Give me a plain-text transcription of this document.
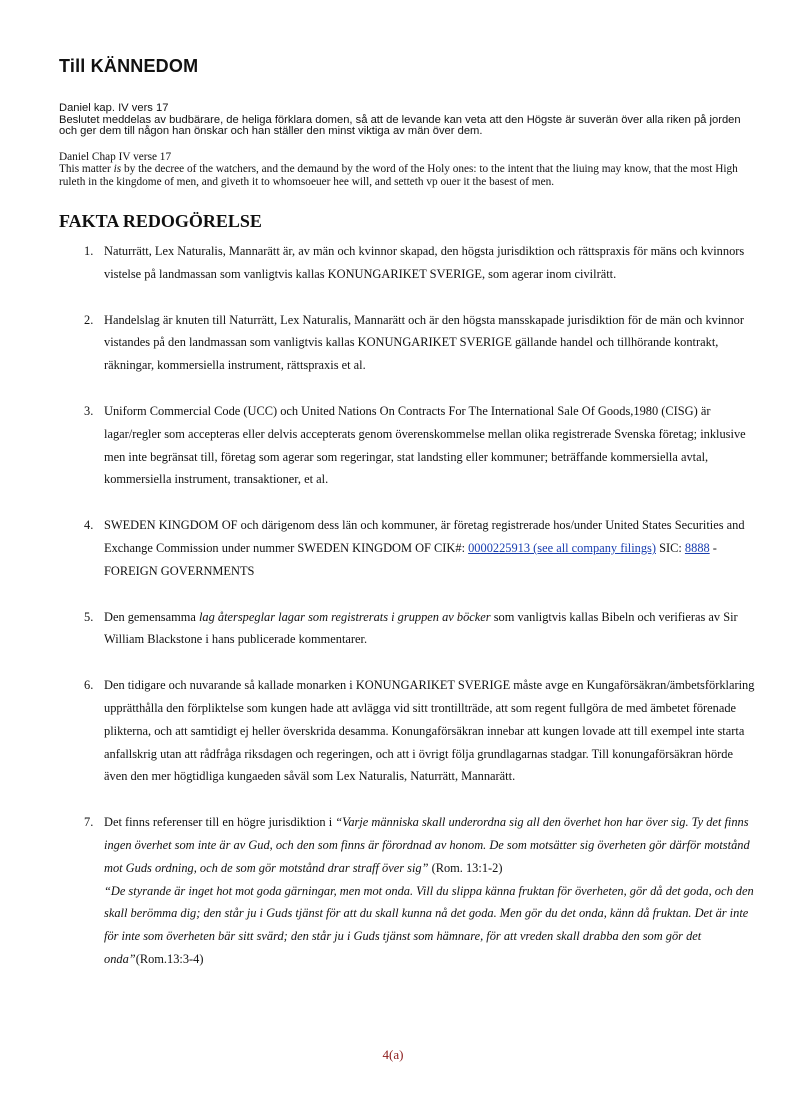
Till KÄNNEDOM

Daniel kap. IV vers 17

Beslutet meddelas av budbärare, de heliga förklara domen, så att de levande kan veta att den Högste är suverän över alla riken på jorden och ger dem till någon han önskar och han ställer den minst viktiga av män över dem.

Daniel Chap IV verse 17

This matter is by the decree of the watchers, and the demaund by the word of the Holy ones: to the intent that the liuing may know, that the most High ruleth in the kingdome of men, and giveth it to whomsoeuer hee will, and setteth vp ouer it the basest of men.

FAKTA REDOGÖRELSE
1. Naturrätt, Lex Naturalis, Mannarätt är, av män och kvinnor skapad, den högsta jurisdiktion och rättspraxis för mäns och kvinnors vistelse på landmassan som vanligtvis kallas KONUNGARIKET SVERIGE, som agerar inom civilrätt.
2. Handelslag är knuten till Naturrätt, Lex Naturalis, Mannarätt och är den högsta mansskapade jurisdiktion för de män och kvinnor vistandes på den landmassan som vanligtvis kallas KONUNGARIKET SVERIGE gällande handel och tillhörande kontrakt, räkningar, kommersiella instrument, rättspraxis et al.
3. Uniform Commercial Code (UCC) och United Nations On Contracts For The International Sale Of Goods,1980 (CISG) är lagar/regler som accepteras eller delvis accepterats genom överenskommelse mellan olika registrerade Svenska företag; inklusive men inte begränsat till, företag som agerar som regeringar, stat landsting eller kommuner; beträffande kommersiella avtal, kommersiella instrument, transaktioner, et al.
4. SWEDEN KINGDOM OF och därigenom dess län och kommuner, är företag registrerade hos/under United States Securities and Exchange Commission under nummer SWEDEN KINGDOM OF CIK#: 0000225913 (see all company filings) SIC: 8888 - FOREIGN GOVERNMENTS
5. Den gemensamma lag återspeglar lagar som registrerats i gruppen av böcker som vanligtvis kallas Bibeln och verifieras av Sir William Blackstone i hans publicerade kommentarer.
6. Den tidigare och nuvarande så kallade monarken i KONUNGARIKET SVERIGE måste avge en Kungaförsäkran/ämbetsförklaring upprätthålla den förpliktelse som kungen hade att avlägga vid sitt trontillträde, att som regent fullgöra de med ämbetet förenade plikterna, och att samtidigt ej heller överskrida desamma. Konungaförsäkran innebar att kungen lovade att till exempel inte starta anfallskrig utan att rådfråga riksdagen och regeringen, och att i övrigt följa grundlagarnas stadgar. Till konungaförsäkran hörde även den mer högtidliga kungaeden såväl som Lex Naturalis, Naturrätt, Mannarätt.
7. Det finns referenser till en högre jurisdiktion i “Varje människa skall underordna sig all den överhet hon har över sig. Ty det finns ingen överhet som inte är av Gud, och den som finns är förordnad av honom. De som motsätter sig överheten gör därför motstånd mot Guds ordning, och de som gör motstånd drar straff över sig” (Rom. 13:1-2)
“De styrande är inget hot mot goda gärningar, men mot onda. Vill du slippa känna fruktan för överheten, gör då det goda, och den skall berömma dig; den står ju i Guds tjänst för att du skall kunna nå det goda. Men gör du det onda, känn då fruktan. Det är inte för inte som överheten bär sitt svärd; den står ju i Guds tjänst som hämnare, för att vreden skall drabba den som gör det onda”(Rom.13:3-4)
4(a)
